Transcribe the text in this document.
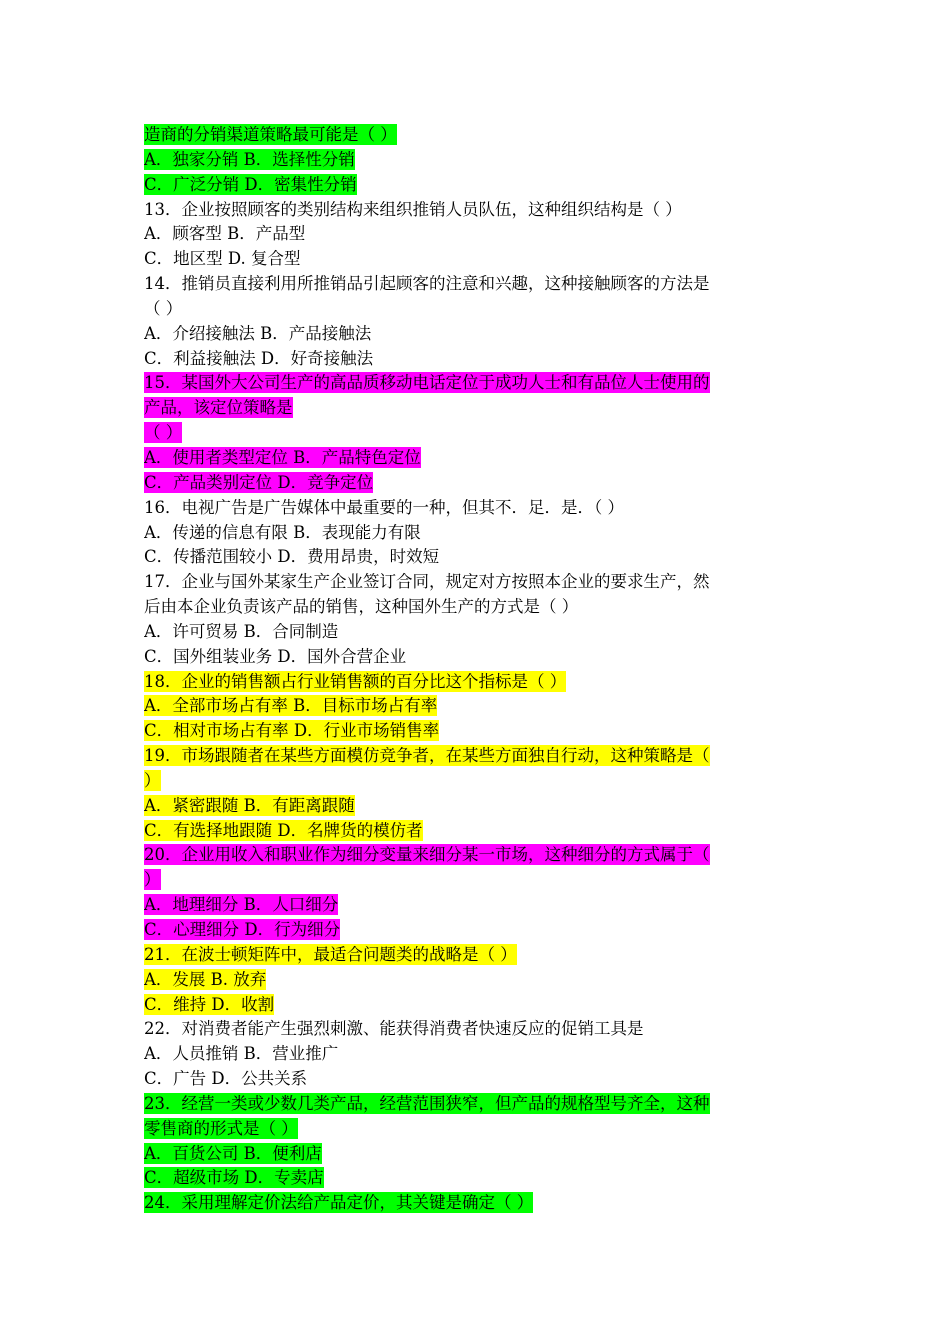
造商的分销渠道策略最可能是（ ）
A．独家分销 B．选择性分销
C．广泛分销 D．密集性分销
13．企业按照顾客的类别结构来组织推销人员队伍，这种组织结构是（ ）
A．顾客型 B．产品型
C．地区型 D. 复合型
14．推销员直接利用所推销品引起顾客的注意和兴趣，这种接触顾客的方法是
（ ）
A．介绍接触法 B．产品接触法
C．利益接触法 D．好奇接触法
15．某国外大公司生产的高品质移动电话定位于成功人士和有品位人士使用的
产品，该定位策略是
（ ）
A．使用者类型定位 B．产品特色定位
C．产品类别定位 D．竞争定位
16．电视广告是广告媒体中最重要的一种，但其不．足．是．（ ）
A．传递的信息有限 B．表现能力有限
C．传播范围较小 D．费用昂贵，时效短
17．企业与国外某家生产企业签订合同，规定对方按照本企业的要求生产，然
后由本企业负责该产品的销售，这种国外生产的方式是（ ）
A．许可贸易 B．合同制造
C．国外组装业务 D．国外合营企业
18．企业的销售额占行业销售额的百分比这个指标是（ ）
A．全部市场占有率 B．目标市场占有率
C．相对市场占有率 D．行业市场销售率
19．市场跟随者在某些方面模仿竞争者，在某些方面独自行动，这种策略是（
）
A．紧密跟随 B．有距离跟随
C．有选择地跟随 D．名牌货的模仿者
20．企业用收入和职业作为细分变量来细分某一市场，这种细分的方式属于（
）
A．地理细分 B．人口细分
C．心理细分 D．行为细分
21．在波士顿矩阵中，最适合问题类的战略是（ ）
A．发展 B. 放弃
C．维持 D．收割
22．对消费者能产生强烈刺激、能获得消费者快速反应的促销工具是
A．人员推销 B．营业推广
C．广告 D．公共关系
23．经营一类或少数几类产品，经营范围狭窄，但产品的规格型号齐全，这种
零售商的形式是（ ）
A．百货公司 B．便利店
C．超级市场 D．专卖店
24．采用理解定价法给产品定价，其关键是确定（ ）
